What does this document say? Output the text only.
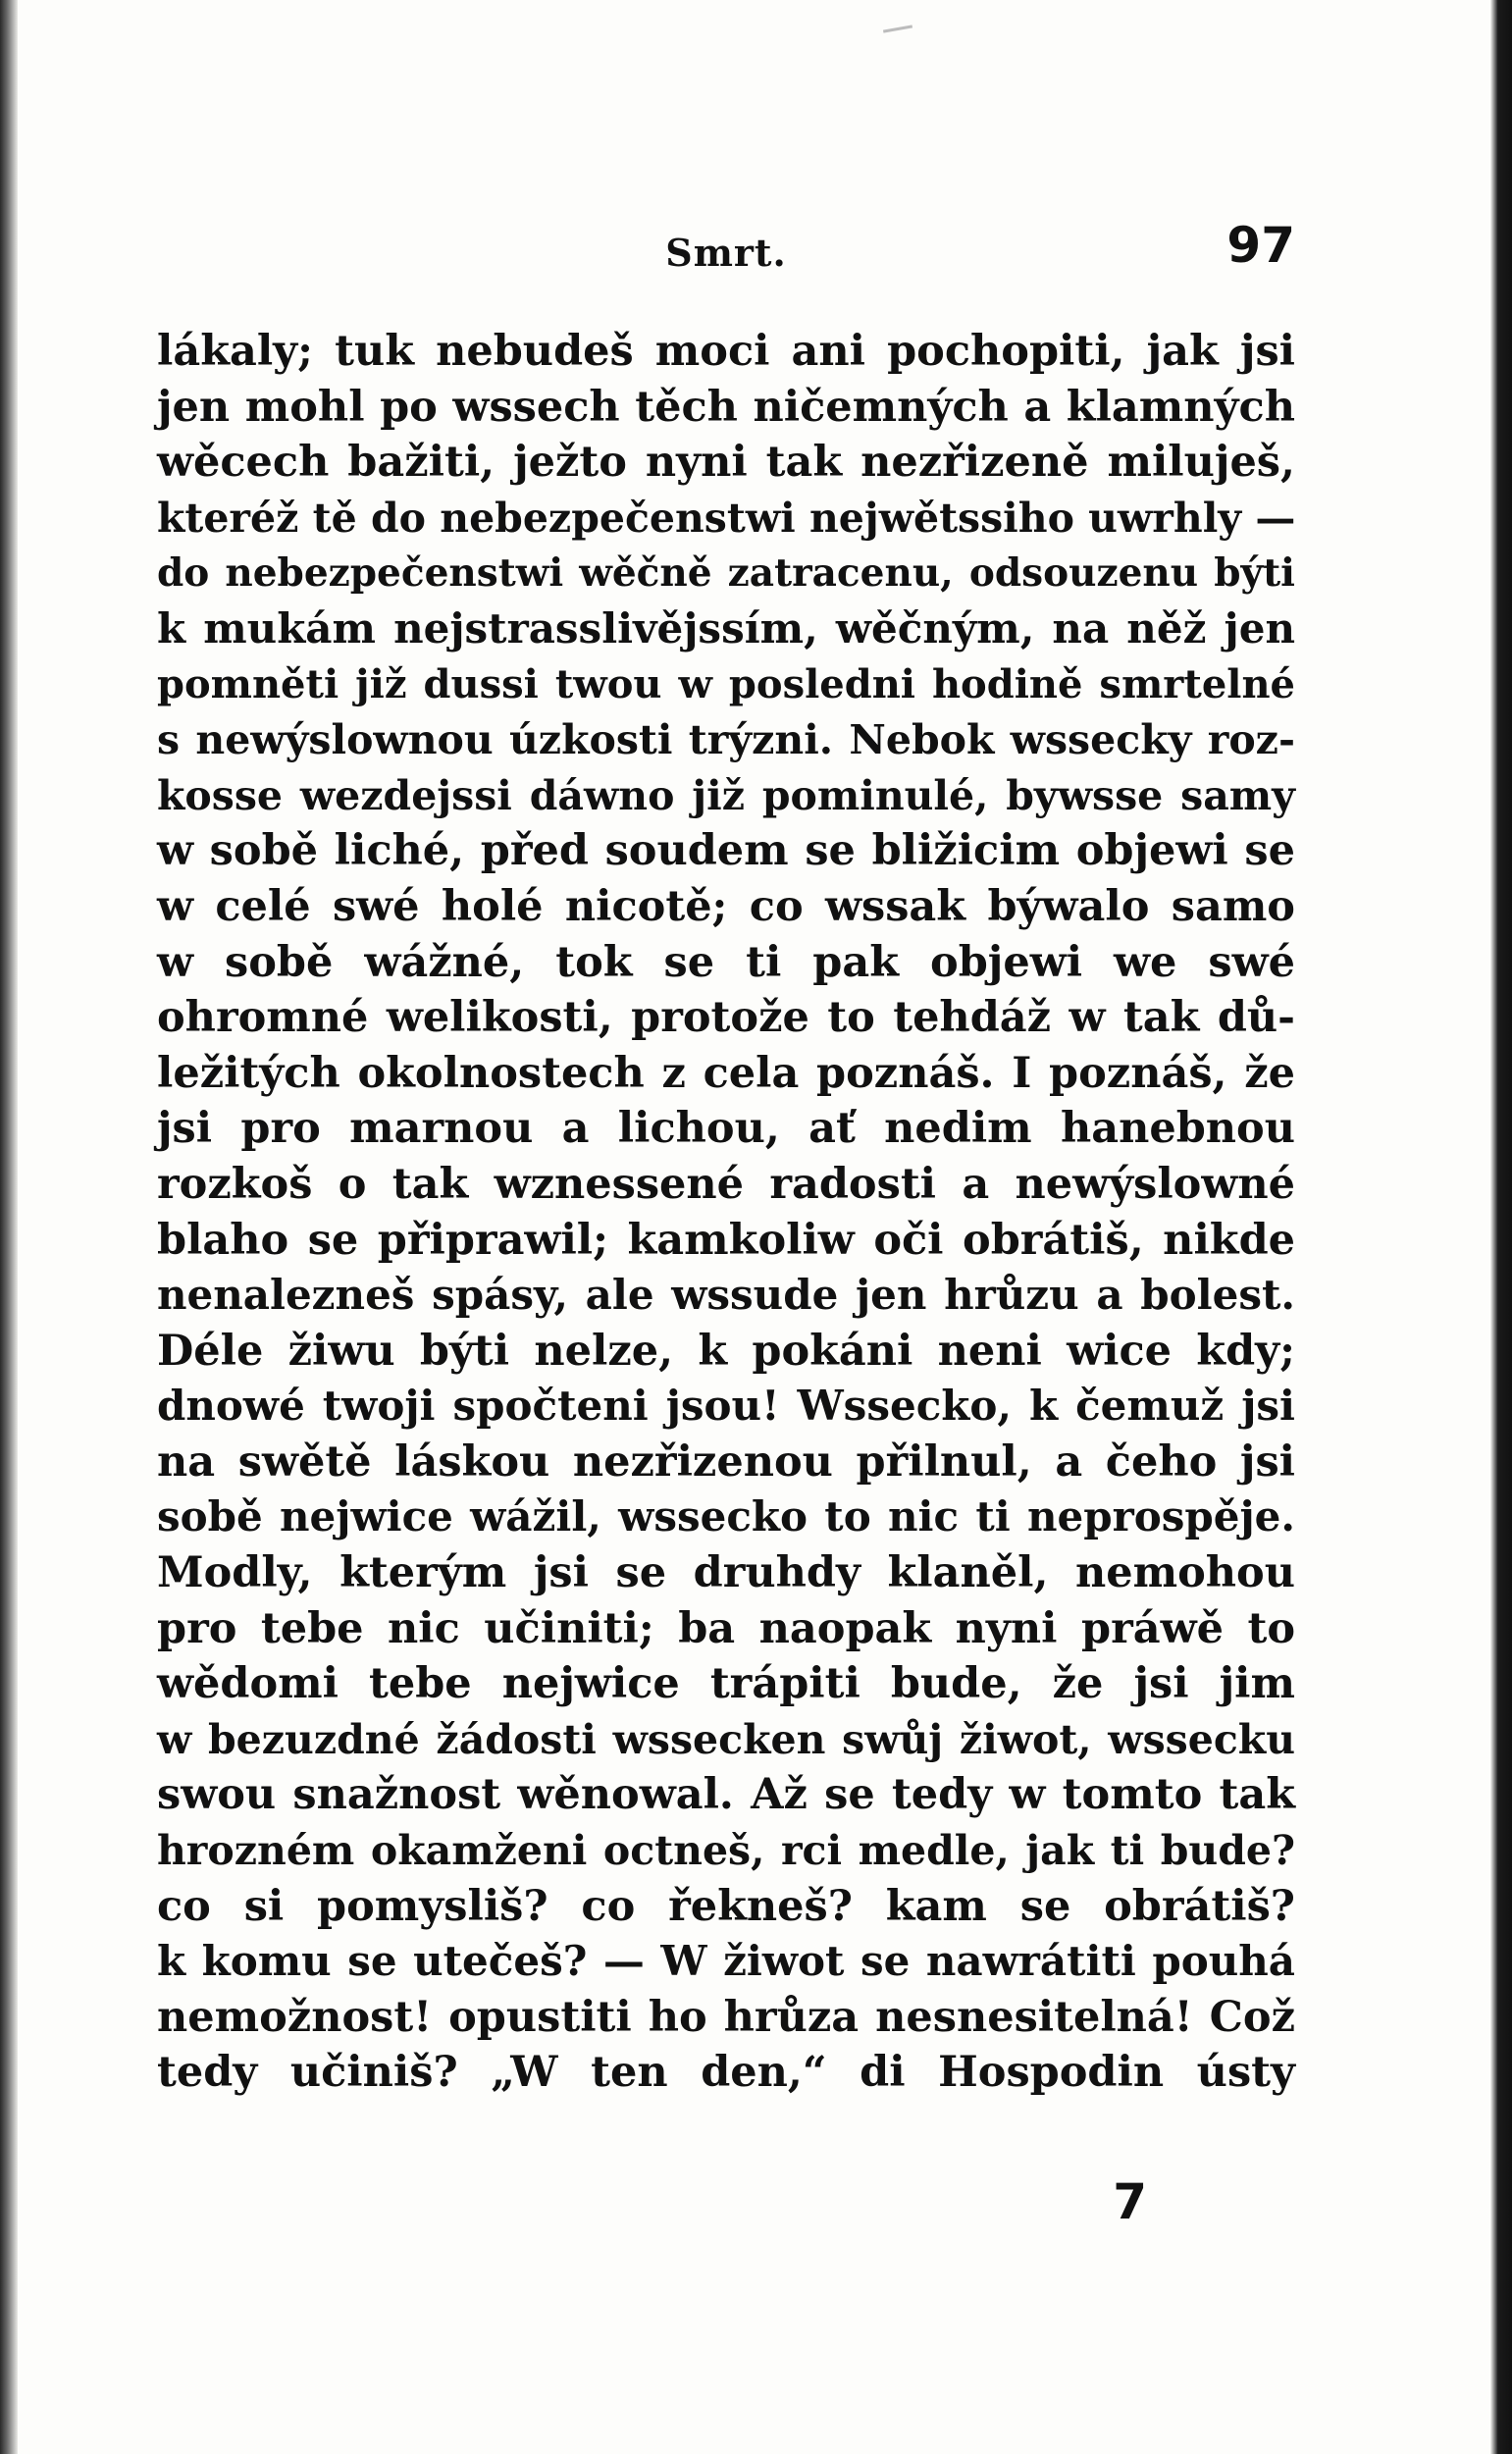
Smrt.	97
lákaly; tuk nebudeš moci ani pochopiti, jak jsi
jen mohl po wssech těch ničemných a klamných
wěcech bažiti, ježto nyni tak nezřizeně miluješ,
kteréž tě do nebezpečenstwi nejwětssiho uwrhly —
do nebezpečenstwi wěčně zatracenu, odsouzenu býti
k mukám nejstrasslivějssím, wěčným, na něž jen
pomněti již dussi twou w posledni hodině smrtelné
s newýslownou úzkosti trýzni. Nebok wssecky roz-
kosse wezdejssi dáwno již pominulé, bywsse samy
w sobě liché, před soudem se bližicim objewi se
w celé swé holé nicotě; co wssak býwalo samo
w sobě wážné, tok se ti pak objewi we swé
ohromné welikosti, protože to tehdáž w tak dů-
ležitých okolnostech z cela poznáš. I poznáš, že
jsi pro marnou a lichou, ať nedim hanebnou
rozkoš o tak wznessené radosti a newýslowné
blaho se připrawil; kamkoliw oči obrátiš, nikde
nenalezneš spásy, ale wssude jen hrůzu a bolest.
Déle žiwu býti nelze, k pokáni neni wice kdy;
dnowé twoji spočteni jsou! Wssecko, k čemuž jsi
na swětě láskou nezřizenou přilnul, a čeho jsi
sobě nejwice wážil, wssecko to nic ti neprospěje.
Modly, kterým jsi se druhdy klaněl, nemohou
pro tebe nic učiniti; ba naopak nyni práwě to
wědomi tebe nejwice trápiti bude, že jsi jim
w bezuzdné žádosti wssecken swůj žiwot, wssecku
swou snažnost wěnowal. Až se tedy w tomto tak
hrozném okamženi octneš, rci medle, jak ti bude?
co si pomysliš? co řekneš? kam se obrátiš?
k komu se utečeš? — W žiwot se nawrátiti pouhá
nemožnost! opustiti ho hrůza nesnesitelná! Což
tedy učiniš? „W ten den,“ di Hospodin ústy
7
